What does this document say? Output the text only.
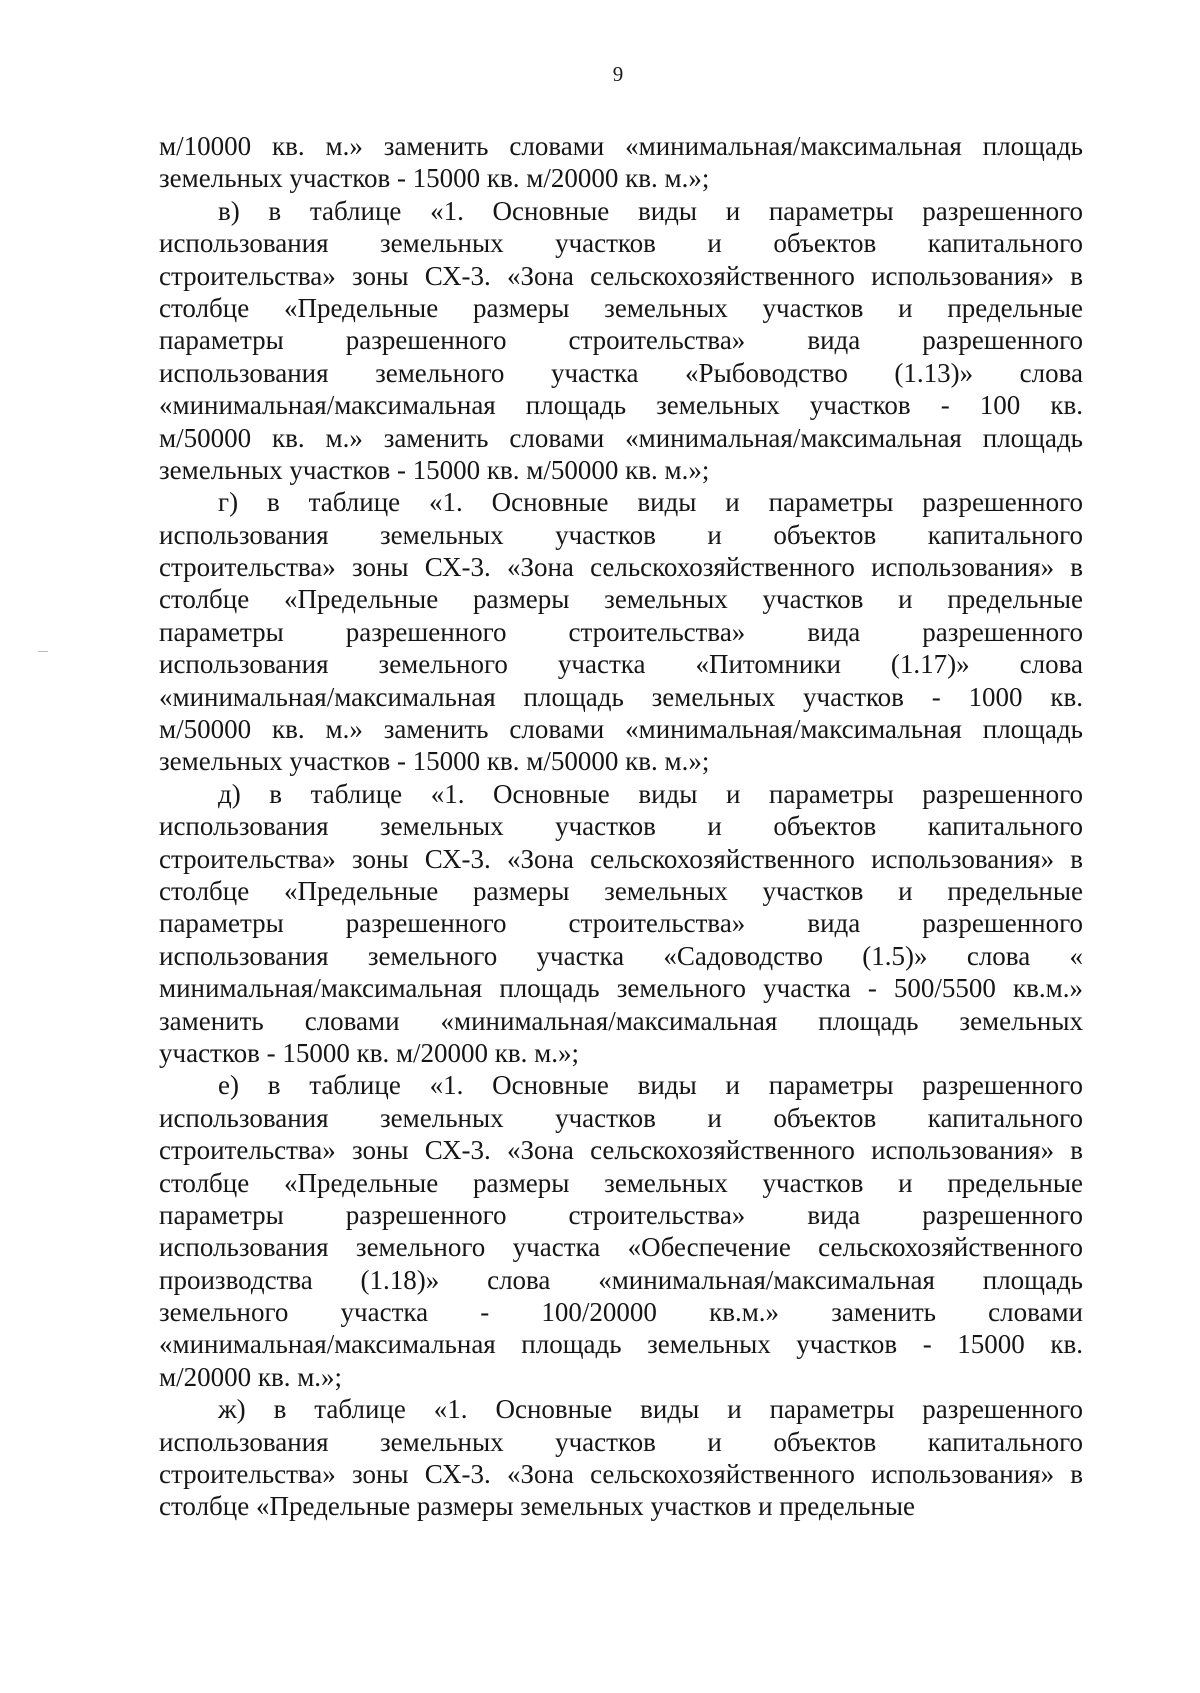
9
м/10000 кв. м.» заменить словами «минимальная/максимальная площадь
земельных участков - 15000 кв. м/20000 кв. м.»;
в) в таблице «1. Основные виды и параметры разрешенного
использования земельных участков и объектов капитального
строительства» зоны СХ-3. «Зона сельскохозяйственного использования» в
столбце «Предельные размеры земельных участков и предельные
параметры разрешенного строительства» вида разрешенного
использования земельного участка «Рыбоводство (1.13)» слова
«минимальная/максимальная площадь земельных участков - 100 кв.
м/50000 кв. м.» заменить словами «минимальная/максимальная площадь
земельных участков - 15000 кв. м/50000 кв. м.»;
г) в таблице «1. Основные виды и параметры разрешенного
использования земельных участков и объектов капитального
строительства» зоны СХ-3. «Зона сельскохозяйственного использования» в
столбце «Предельные размеры земельных участков и предельные
параметры разрешенного строительства» вида разрешенного
использования земельного участка «Питомники (1.17)» слова
«минимальная/максимальная площадь земельных участков - 1000 кв.
м/50000 кв. м.» заменить словами «минимальная/максимальная площадь
земельных участков - 15000 кв. м/50000 кв. м.»;
д) в таблице «1. Основные виды и параметры разрешенного
использования земельных участков и объектов капитального
строительства» зоны СХ-3. «Зона сельскохозяйственного использования» в
столбце «Предельные размеры земельных участков и предельные
параметры разрешенного строительства» вида разрешенного
использования земельного участка «Садоводство (1.5)» слова «
минимальная/максимальная площадь земельного участка - 500/5500 кв.м.»
заменить словами «минимальная/максимальная площадь земельных
участков - 15000 кв. м/20000 кв. м.»;
е) в таблице «1. Основные виды и параметры разрешенного
использования земельных участков и объектов капитального
строительства» зоны СХ-3. «Зона сельскохозяйственного использования» в
столбце «Предельные размеры земельных участков и предельные
параметры разрешенного строительства» вида разрешенного
использования земельного участка «Обеспечение сельскохозяйственного
производства (1.18)» слова «минимальная/максимальная площадь
земельного участка - 100/20000 кв.м.» заменить словами
«минимальная/максимальная площадь земельных участков - 15000 кв.
м/20000 кв. м.»;
ж) в таблице «1. Основные виды и параметры разрешенного
использования земельных участков и объектов капитального
строительства» зоны СХ-3. «Зона сельскохозяйственного использования» в
столбце «Предельные размеры земельных участков и предельные
